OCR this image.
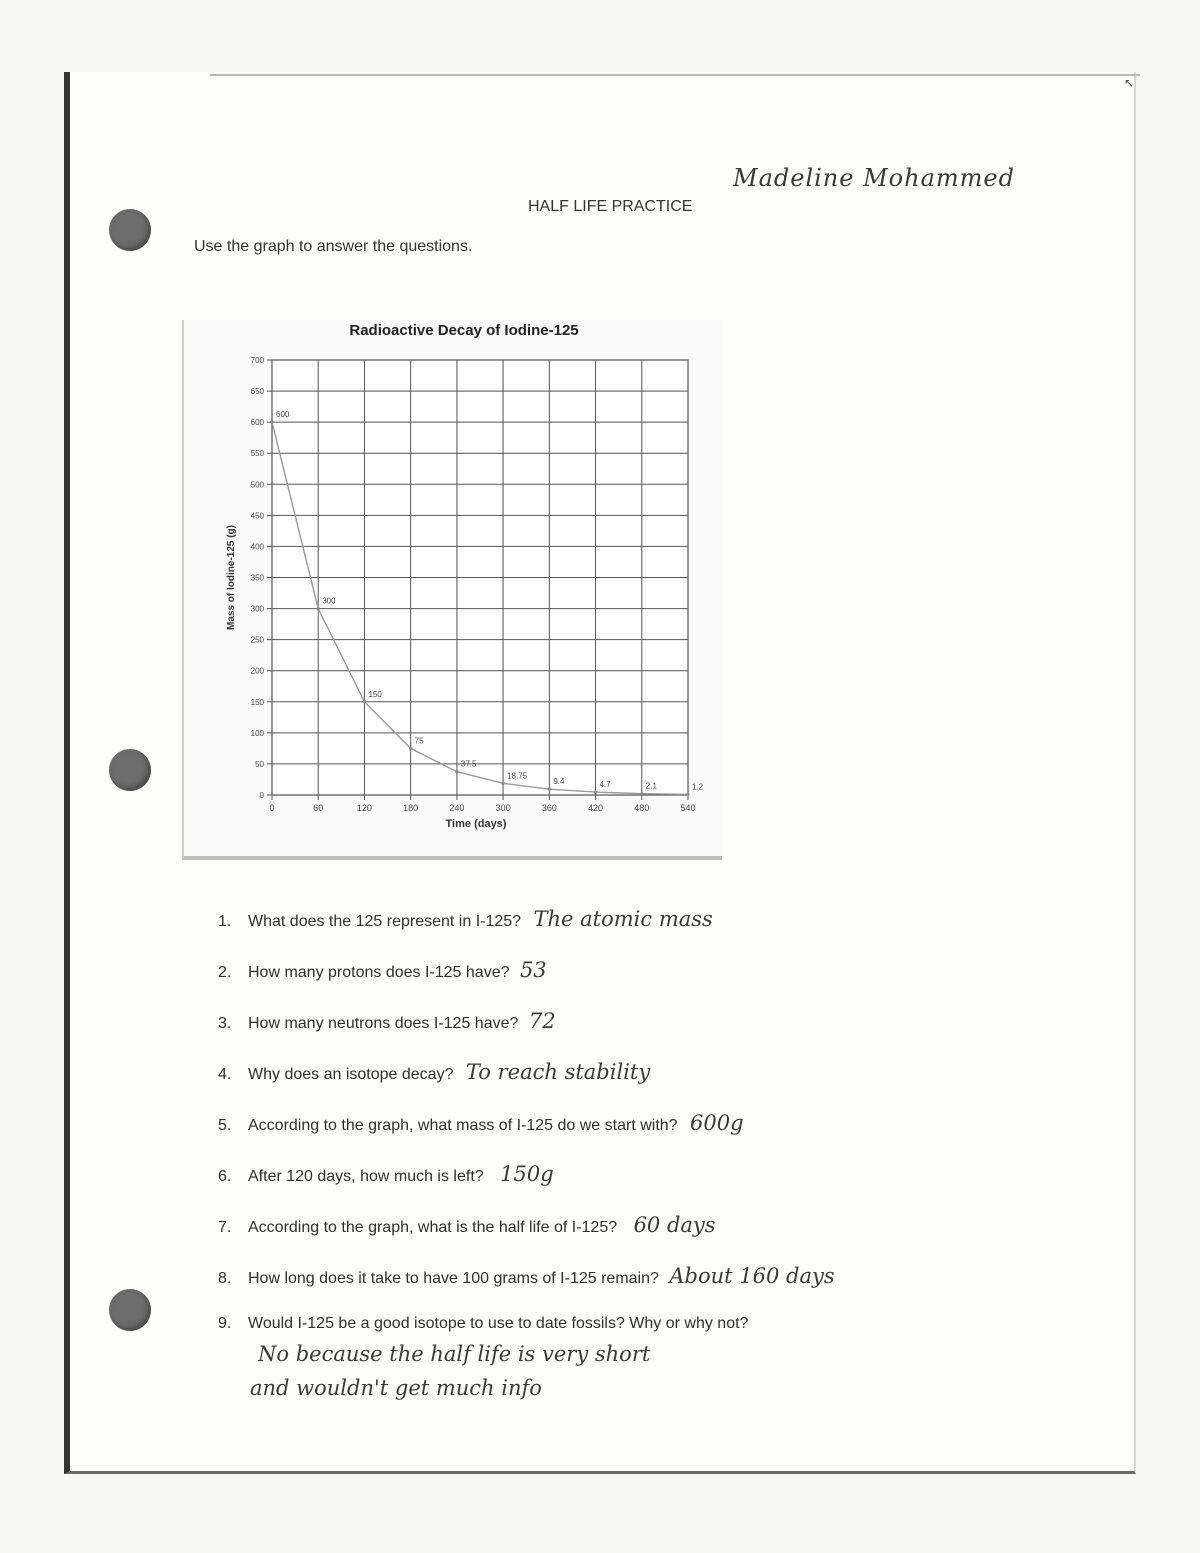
↖
Madeline Mohammed
HALF LIFE PRACTICE
Use the graph to answer the questions.
0
50
100
150
200
250
300
350
400
450
500
550
600
650
700
0	60	120	180	240	300	360	420	480	540
Radioactive Decay of Iodine-125
Time (days)
Mass of Iodine-125 (g)
600
300
150
75
37.5
18.75
9.4	4.7	2.1	1.2
1. What does the 125 represent in I-125? The atomic mass
2. How many protons does I-125 have? 53
3. How many neutrons does I-125 have? 72
4. Why does an isotope decay? To reach stability
5. According to the graph, what mass of I-125 do we start with? 600g
6. After 120 days, how much is left? 150g
7. According to the graph, what is the half life of I-125? 60 days
8. How long does it take to have 100 grams of I-125 remain? About 160 days
9. Would I-125 be a good isotope to use to date fossils? Why or why not?
No because the half life is very short
and wouldn't get much info
